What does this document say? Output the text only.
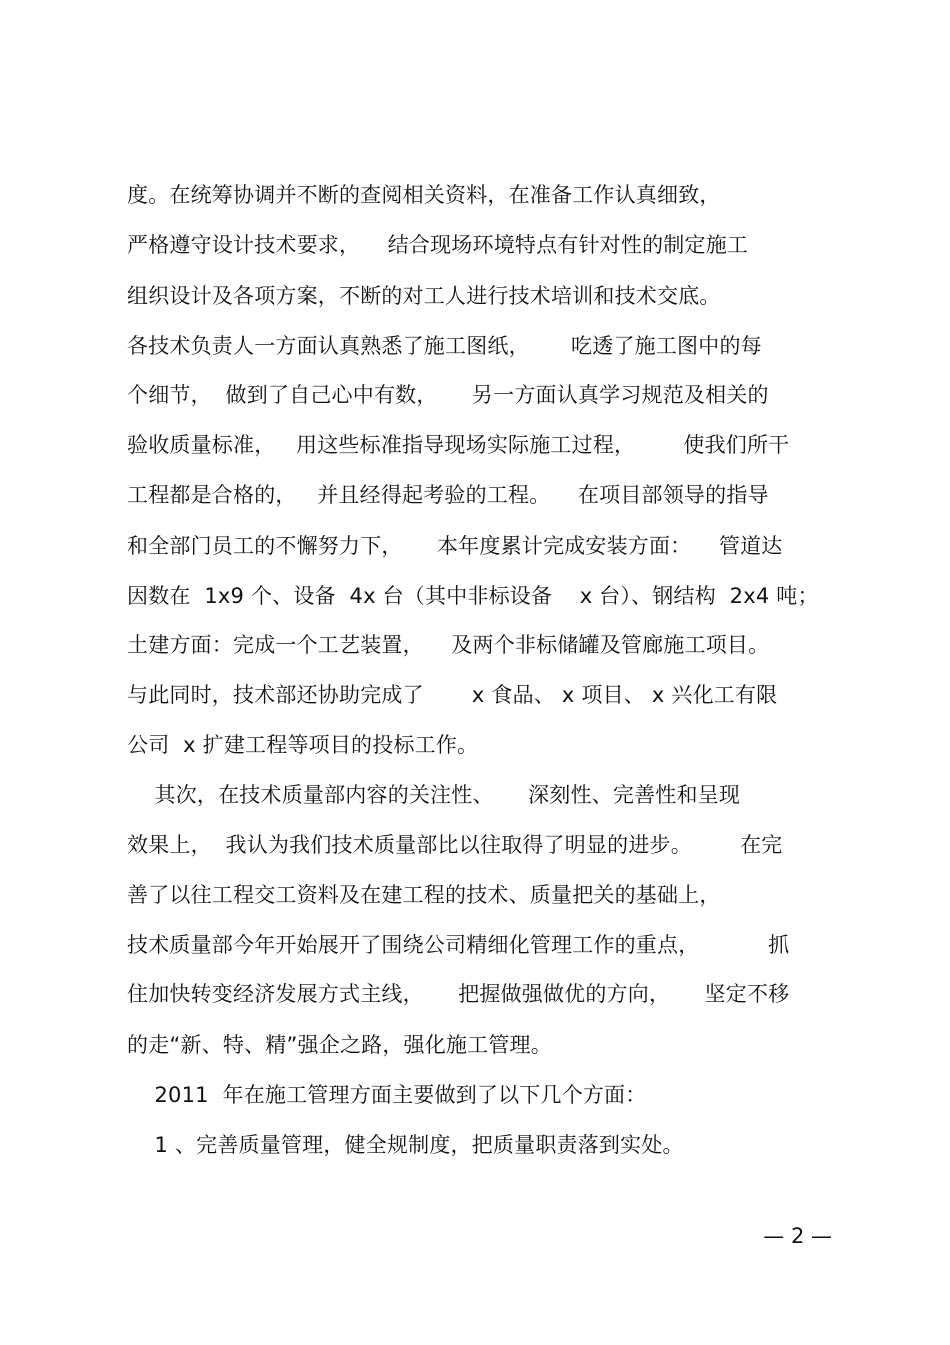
度。在统筹协调并不断的查阅相关资料，在准备工作认真细致，
严格遵守设计技术要求，    结合现场环境特点有针对性的制定施工
组织设计及各项方案，不断的对工人进行技术培训和技术交底。
各技术负责人一方面认真熟悉了施工图纸，      吃透了施工图中的每
个细节，  做到了自己心中有数，     另一方面认真学习规范及相关的
验收质量标准，   用这些标准指导现场实际施工过程，       使我们所干
工程都是合格的，   并且经得起考验的工程。    在项目部领导的指导
和全部门员工的不懈努力下，     本年度累计完成安装方面：    管道达
因数在  1x9 个、设备  4x 台（其中非标设备    x 台）、钢结构  2x4 吨；
土建方面：完成一个工艺装置，    及两个非标储罐及管廊施工项目。
与此同时，技术部还协助完成了       x 食品、 x 项目、 x 兴化工有限
公司  x 扩建工程等项目的投标工作。
其次，在技术质量部内容的关注性、     深刻性、完善性和呈现
效果上，  我认为我们技术质量部比以往取得了明显的进步。       在完
善了以往工程交工资料及在建工程的技术、质量把关的基础上，
技术质量部今年开始展开了围绕公司精细化管理工作的重点，          抓
住加快转变经济发展方式主线，     把握做强做优的方向，     坚定不移
的走“新、特、精”强企之路，强化施工管理。
2011  年在施工管理方面主要做到了以下几个方面：
1 、完善质量管理，健全规制度，把质量职责落到实处。
— 2 —
